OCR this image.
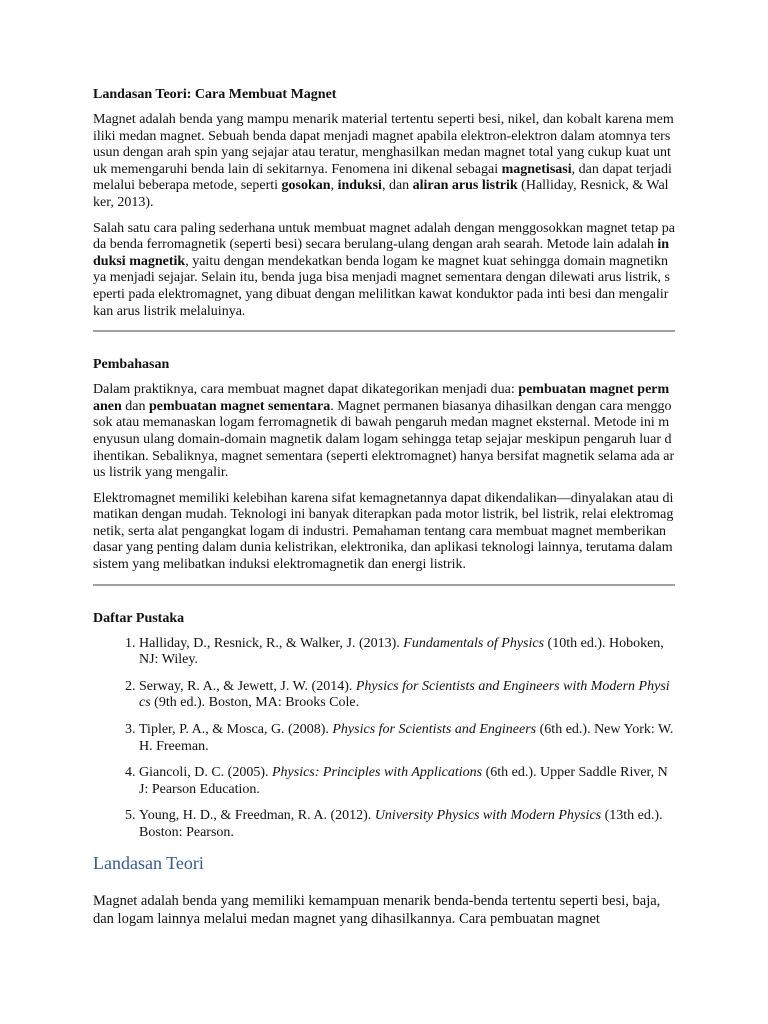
Landasan Teori: Cara Membuat Magnet

Magnet adalah benda yang mampu menarik material tertentu seperti besi, nikel, dan kobalt karena memiliki medan magnet. Sebuah benda dapat menjadi magnet apabila elektron-elektron dalam atomnya tersusun dengan arah spin yang sejajar atau teratur, menghasilkan medan magnet total yang cukup kuat untuk memengaruhi benda lain di sekitarnya. Fenomena ini dikenal sebagai magnetisasi, dan dapat terjadi melalui beberapa metode, seperti gosokan, induksi, dan aliran arus listrik (Halliday, Resnick, & Walker, 2013).

Salah satu cara paling sederhana untuk membuat magnet adalah dengan menggosokkan magnet tetap pada benda ferromagnetik (seperti besi) secara berulang-ulang dengan arah searah. Metode lain adalah induksi magnetik, yaitu dengan mendekatkan benda logam ke magnet kuat sehingga domain magnetiknya menjadi sejajar. Selain itu, benda juga bisa menjadi magnet sementara dengan dilewati arus listrik, seperti pada elektromagnet, yang dibuat dengan melilitkan kawat konduktor pada inti besi dan mengalirkan arus listrik melaluinya.

Pembahasan

Dalam praktiknya, cara membuat magnet dapat dikategorikan menjadi dua: pembuatan magnet permanen dan pembuatan magnet sementara. Magnet permanen biasanya dihasilkan dengan cara menggosok atau memanaskan logam ferromagnetik di bawah pengaruh medan magnet eksternal. Metode ini menyusun ulang domain-domain magnetik dalam logam sehingga tetap sejajar meskipun pengaruh luar dihentikan. Sebaliknya, magnet sementara (seperti elektromagnet) hanya bersifat magnetik selama ada arus listrik yang mengalir.

Elektromagnet memiliki kelebihan karena sifat kemagnetannya dapat dikendalikan—dinyalakan atau dimatikan dengan mudah. Teknologi ini banyak diterapkan pada motor listrik, bel listrik, relai elektromagnetik, serta alat pengangkat logam di industri. Pemahaman tentang cara membuat magnet memberikan dasar yang penting dalam dunia kelistrikan, elektronika, dan aplikasi teknologi lainnya, terutama dalam sistem yang melibatkan induksi elektromagnetik dan energi listrik.

Daftar Pustaka
1. Halliday, D., Resnick, R., & Walker, J. (2013). Fundamentals of Physics (10th ed.). Hoboken, NJ: Wiley.
2. Serway, R. A., & Jewett, J. W. (2014). Physics for Scientists and Engineers with Modern Physics (9th ed.). Boston, MA: Brooks Cole.
3. Tipler, P. A., & Mosca, G. (2008). Physics for Scientists and Engineers (6th ed.). New York: W. H. Freeman.
4. Giancoli, D. C. (2005). Physics: Principles with Applications (6th ed.). Upper Saddle River, NJ: Pearson Education.
5. Young, H. D., & Freedman, R. A. (2012). University Physics with Modern Physics (13th ed.). Boston: Pearson.
Landasan Teori

Magnet adalah benda yang memiliki kemampuan menarik benda-benda tertentu seperti besi, baja, dan logam lainnya melalui medan magnet yang dihasilkannya. Cara pembuatan magnet
